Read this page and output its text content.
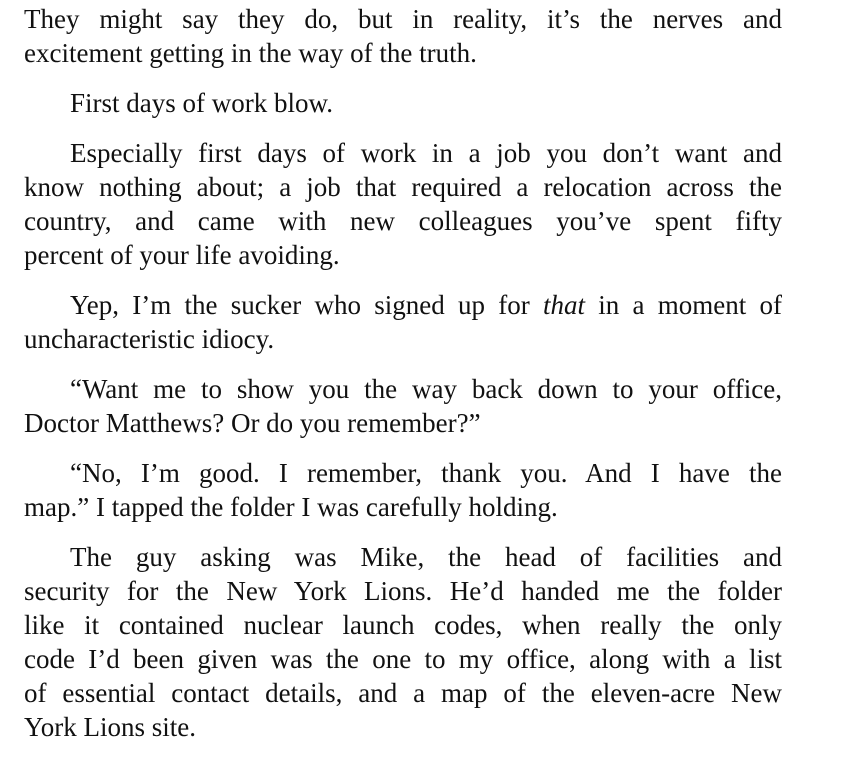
They might say they do, but in reality, it’s the nerves and
excitement getting in the way of the truth.
First days of work blow.
Especially first days of work in a job you don’t want and
know nothing about; a job that required a relocation across the
country, and came with new colleagues you’ve spent fifty
percent of your life avoiding.
Yep, I’m the sucker who signed up for that in a moment of
uncharacteristic idiocy.
“Want me to show you the way back down to your office,
Doctor Matthews? Or do you remember?”
“No, I’m good. I remember, thank you. And I have the
map.” I tapped the folder I was carefully holding.
The guy asking was Mike, the head of facilities and
security for the New York Lions. He’d handed me the folder
like it contained nuclear launch codes, when really the only
code I’d been given was the one to my office, along with a list
of essential contact details, and a map of the eleven-acre New
York Lions site.
